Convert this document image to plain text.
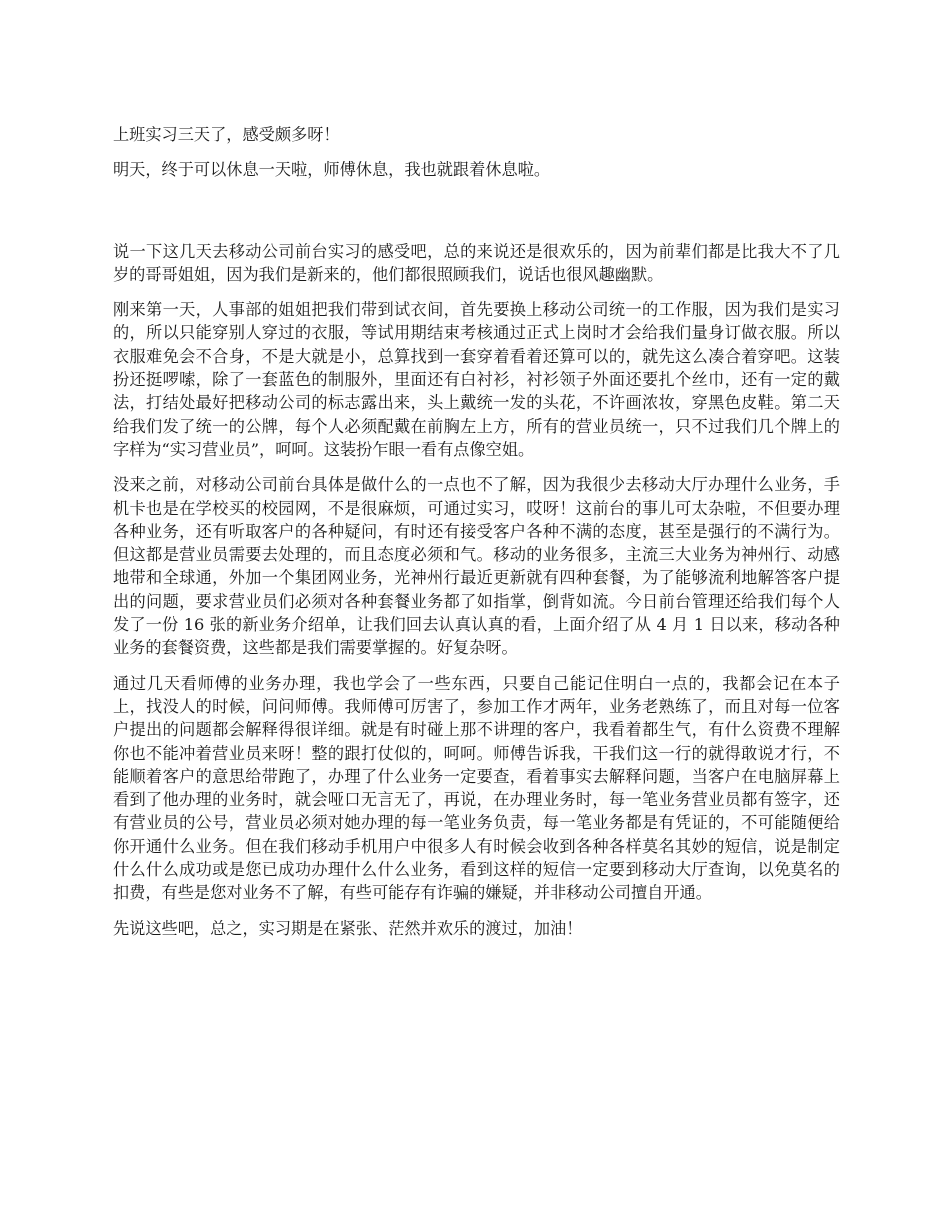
上班实习三天了，感受颇多呀！

明天，终于可以休息一天啦，师傅休息，我也就跟着休息啦。

说一下这几天去移动公司前台实习的感受吧，总的来说还是很欢乐的，因为前辈们都是比我大不了几岁的哥哥姐姐，因为我们是新来的，他们都很照顾我们，说话也很风趣幽默。

刚来第一天，人事部的姐姐把我们带到试衣间，首先要换上移动公司统一的工作服，因为我们是实习的，所以只能穿别人穿过的衣服，等试用期结束考核通过正式上岗时才会给我们量身订做衣服。所以衣服难免会不合身，不是大就是小，总算找到一套穿着看着还算可以的，就先这么凑合着穿吧。这装扮还挺啰嗦，除了一套蓝色的制服外，里面还有白衬衫，衬衫领子外面还要扎个丝巾，还有一定的戴法，打结处最好把移动公司的标志露出来，头上戴统一发的头花，不许画浓妆，穿黑色皮鞋。第二天给我们发了统一的公牌，每个人必须配戴在前胸左上方，所有的营业员统一，只不过我们几个牌上的字样为“实习营业员”，呵呵。这装扮乍眼一看有点像空姐。

没来之前，对移动公司前台具体是做什么的一点也不了解，因为我很少去移动大厅办理什么业务，手机卡也是在学校买的校园网，不是很麻烦，可通过实习，哎呀！这前台的事儿可太杂啦，不但要办理各种业务，还有听取客户的各种疑问，有时还有接受客户各种不满的态度，甚至是强行的不满行为。但这都是营业员需要去处理的，而且态度必须和气。移动的业务很多，主流三大业务为神州行、动感地带和全球通，外加一个集团网业务，光神州行最近更新就有四种套餐，为了能够流利地解答客户提出的问题，要求营业员们必须对各种套餐业务都了如指掌，倒背如流。今日前台管理还给我们每个人发了一份 16 张的新业务介绍单，让我们回去认真认真的看，上面介绍了从 4 月 1 日以来，移动各种业务的套餐资费，这些都是我们需要掌握的。好复杂呀。

通过几天看师傅的业务办理，我也学会了一些东西，只要自己能记住明白一点的，我都会记在本子上，找没人的时候，问问师傅。我师傅可厉害了，参加工作才两年，业务老熟练了，而且对每一位客户提出的问题都会解释得很详细。就是有时碰上那不讲理的客户，我看着都生气，有什么资费不理解你也不能冲着营业员来呀！整的跟打仗似的，呵呵。师傅告诉我，干我们这一行的就得敢说才行，不能顺着客户的意思给带跑了，办理了什么业务一定要查，看着事实去解释问题，当客户在电脑屏幕上看到了他办理的业务时，就会哑口无言无了，再说，在办理业务时，每一笔业务营业员都有签字，还有营业员的公号，营业员必须对她办理的每一笔业务负责，每一笔业务都是有凭证的，不可能随便给你开通什么业务。但在我们移动手机用户中很多人有时候会收到各种各样莫名其妙的短信，说是制定什么什么成功或是您已成功办理什么什么业务，看到这样的短信一定要到移动大厅查询，以免莫名的扣费，有些是您对业务不了解，有些可能存有诈骗的嫌疑，并非移动公司擅自开通。

先说这些吧，总之，实习期是在紧张、茫然并欢乐的渡过，加油！
